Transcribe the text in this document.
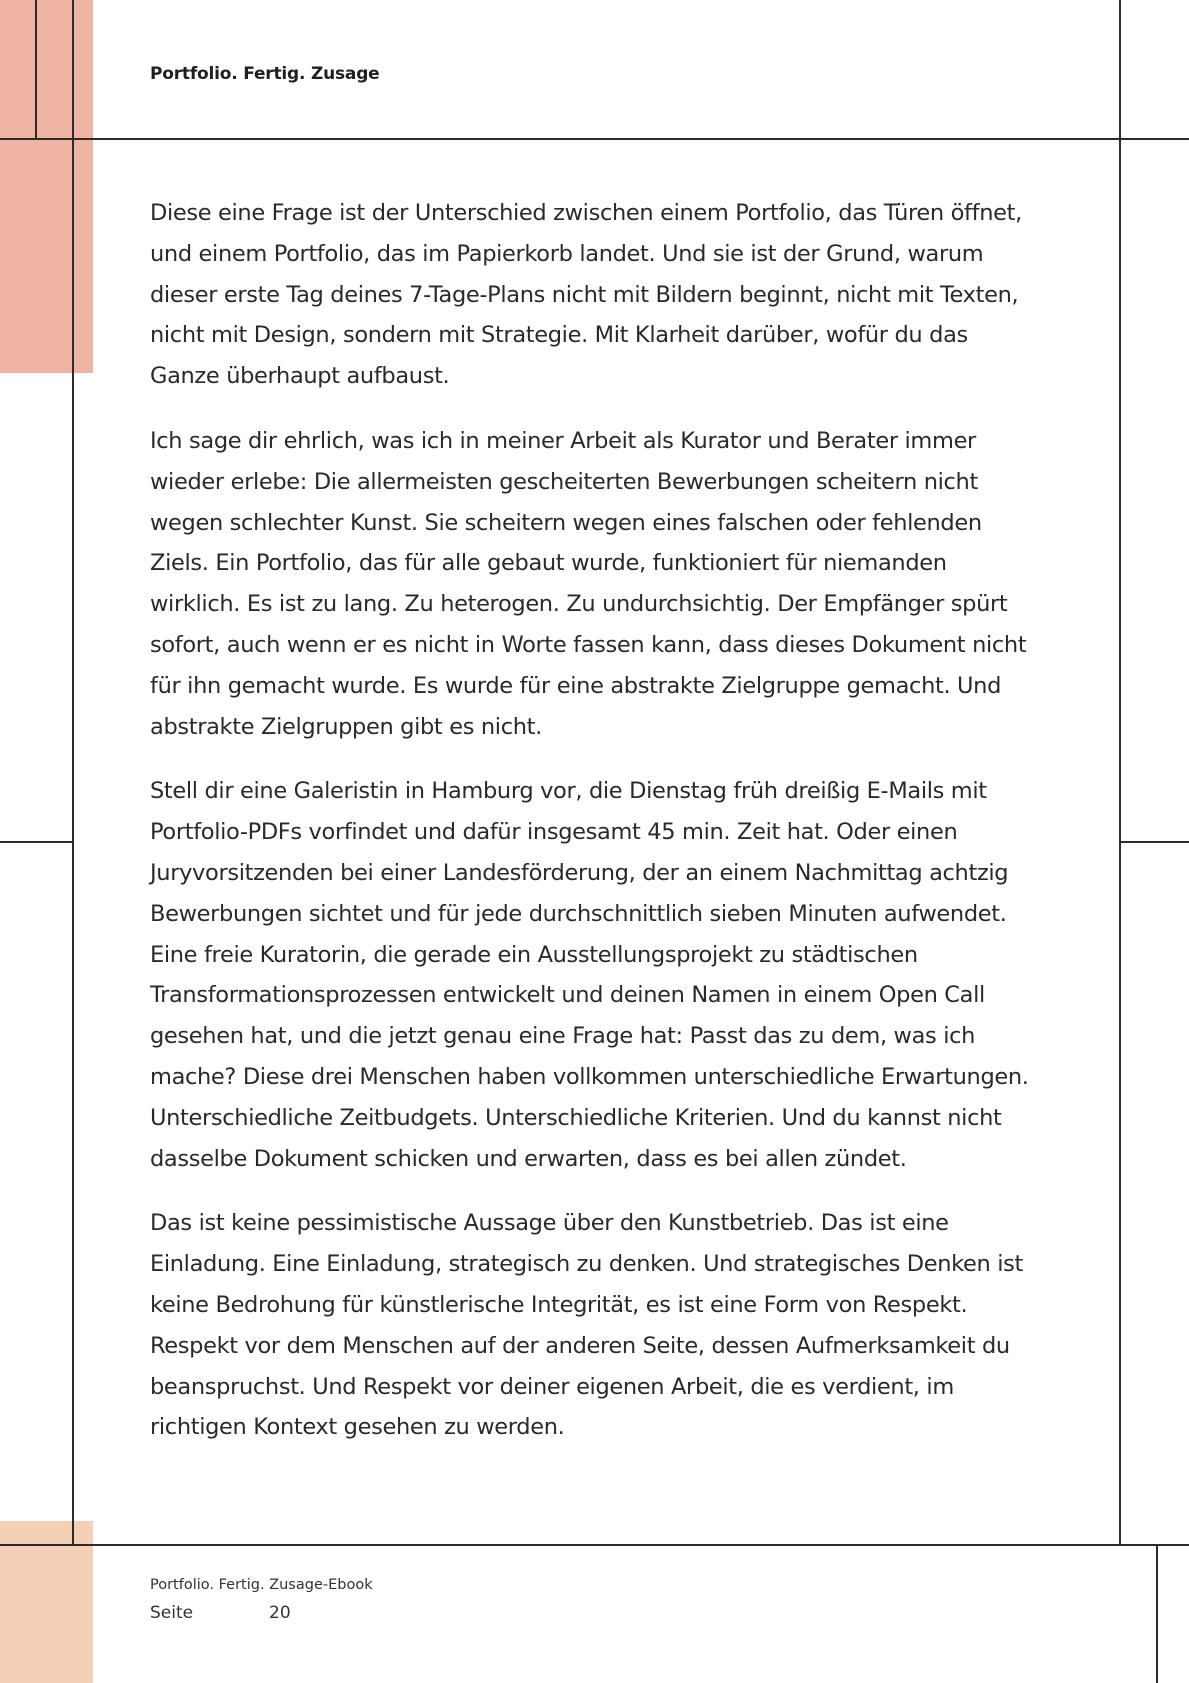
Portfolio. Fertig. Zusage

Diese eine Frage ist der Unterschied zwischen einem Portfolio, das Türen öffnet, und einem Portfolio, das im Papierkorb landet. Und sie ist der Grund, warum dieser erste Tag deines 7-Tage-Plans nicht mit Bildern beginnt, nicht mit Texten, nicht mit Design, sondern mit Strategie. Mit Klarheit darüber, wofür du das Ganze überhaupt aufbaust.

Ich sage dir ehrlich, was ich in meiner Arbeit als Kurator und Berater immer wieder erlebe: Die allermeisten gescheiterten Bewerbungen scheitern nicht wegen schlechter Kunst. Sie scheitern wegen eines falschen oder fehlenden Ziels. Ein Portfolio, das für alle gebaut wurde, funktioniert für niemanden wirklich. Es ist zu lang. Zu heterogen. Zu undurchsichtig. Der Empfänger spürt sofort, auch wenn er es nicht in Worte fassen kann, dass dieses Dokument nicht für ihn gemacht wurde. Es wurde für eine abstrakte Zielgruppe gemacht. Und abstrakte Zielgruppen gibt es nicht.

Stell dir eine Galeristin in Hamburg vor, die Dienstag früh dreißig E-Mails mit Portfolio-PDFs vorfindet und dafür insgesamt 45 min. Zeit hat. Oder einen Juryvorsitzenden bei einer Landesförderung, der an einem Nachmittag achtzig Bewerbungen sichtet und für jede durchschnittlich sieben Minuten aufwendet. Eine freie Kuratorin, die gerade ein Ausstellungsprojekt zu städtischen Transformationsprozessen entwickelt und deinen Namen in einem Open Call gesehen hat, und die jetzt genau eine Frage hat: Passt das zu dem, was ich mache? Diese drei Menschen haben vollkommen unterschiedliche Erwartungen. Unterschiedliche Zeitbudgets. Unterschiedliche Kriterien. Und du kannst nicht dasselbe Dokument schicken und erwarten, dass es bei allen zündet.

Das ist keine pessimistische Aussage über den Kunstbetrieb. Das ist eine Einladung. Eine Einladung, strategisch zu denken. Und strategisches Denken ist keine Bedrohung für künstlerische Integrität, es ist eine Form von Respekt. Respekt vor dem Menschen auf der anderen Seite, dessen Aufmerksamkeit du beanspruchst. Und Respekt vor deiner eigenen Arbeit, die es verdient, im richtigen Kontext gesehen zu werden.

Portfolio. Fertig. Zusage-Ebook
Seite	20
